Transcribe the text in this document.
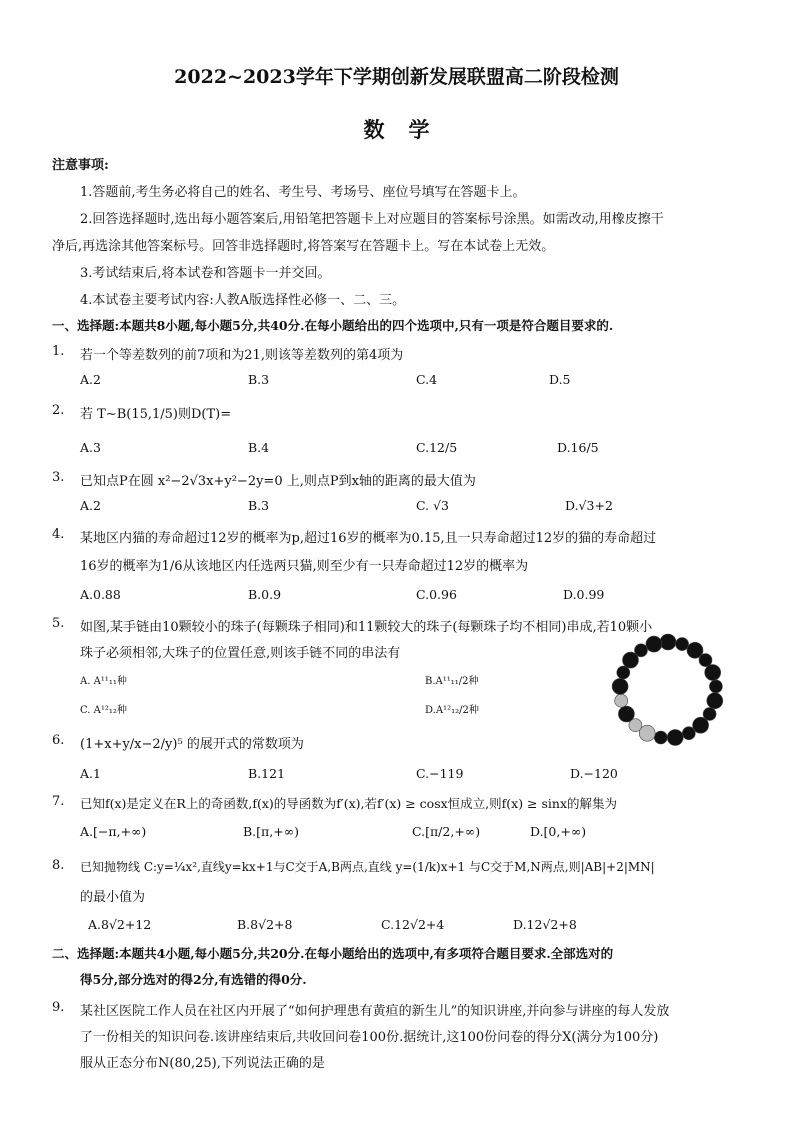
2022~2023学年下学期创新发展联盟高二阶段检测
数学
注意事项:
1.答题前,考生务必将自己的姓名、考生号、考场号、座位号填写在答题卡上。
2.回答选择题时,选出每小题答案后,用铅笔把答题卡上对应题目的答案标号涂黑。如需改动,用橡皮擦干
净后,再选涂其他答案标号。回答非选择题时,将答案写在答题卡上。写在本试卷上无效。
3.考试结束后,将本试卷和答题卡一并交回。
4.本试卷主要考试内容:人教A版选择性必修一、二、三。
一、选择题:本题共8小题,每小题5分,共40分.在每小题给出的四个选项中,只有一项是符合题目要求的.
1. 若一个等差数列的前7项和为21,则该等差数列的第4项为
A.2	B.3	C.4	D.5
2. 若 T∼B(15,1/5)则D(T)=
A.3	B.4	C.12/5	D.16/5
3. 已知点P在圆 x²−2√3x+y²−2y=0 上,则点P到x轴的距离的最大值为
A.2	B.3	C. √3	D.√3+2
4. 某地区内猫的寿命超过12岁的概率为p,超过16岁的概率为0.15,且一只寿命超过12岁的猫的寿命超过
16岁的概率为1/6从该地区内任选两只猫,则至少有一只寿命超过12岁的概率为
A.0.88	B.0.9	C.0.96	D.0.99
5. 如图,某手链由10颗较小的珠子(每颗珠子相同)和11颗较大的珠子(每颗珠子均不相同)串成,若10颗小
珠子必须相邻,大珠子的位置任意,则该手链不同的串法有
A. A¹¹₁₁种	B.A¹¹₁₁/2种
C. A¹²₁₂种	D.A¹²₁₂/2种
6. (1+x+y/x−2/y)⁵ 的展开式的常数项为
A.1	B.121	C.−119	D.−120
7. 已知f(x)是定义在R上的奇函数,f(x)的导函数为f′(x),若f′(x) ≥ cosx恒成立,则f(x) ≥ sinx的解集为
A.[−π,+∞)	B.[π,+∞)	C.[π/2,+∞)	D.[0,+∞)
8. 已知抛物线 C:y=¼x²,直线y=kx+1与C交于A,B两点,直线 y=(1/k)x+1 与C交于M,N两点,则|AB|+2|MN|
的最小值为
A.8√2+12	B.8√2+8	C.12√2+4	D.12√2+8
二、选择题:本题共4小题,每小题5分,共20分.在每小题给出的选项中,有多项符合题目要求.全部选对的
得5分,部分选对的得2分,有选错的得0分.
9. 某社区医院工作人员在社区内开展了“如何护理患有黄疸的新生儿”的知识讲座,并向参与讲座的每人发放
了一份相关的知识问卷.该讲座结束后,共收回问卷100份.据统计,这100份问卷的得分X(满分为100分)
服从正态分布N(80,25),下列说法正确的是
